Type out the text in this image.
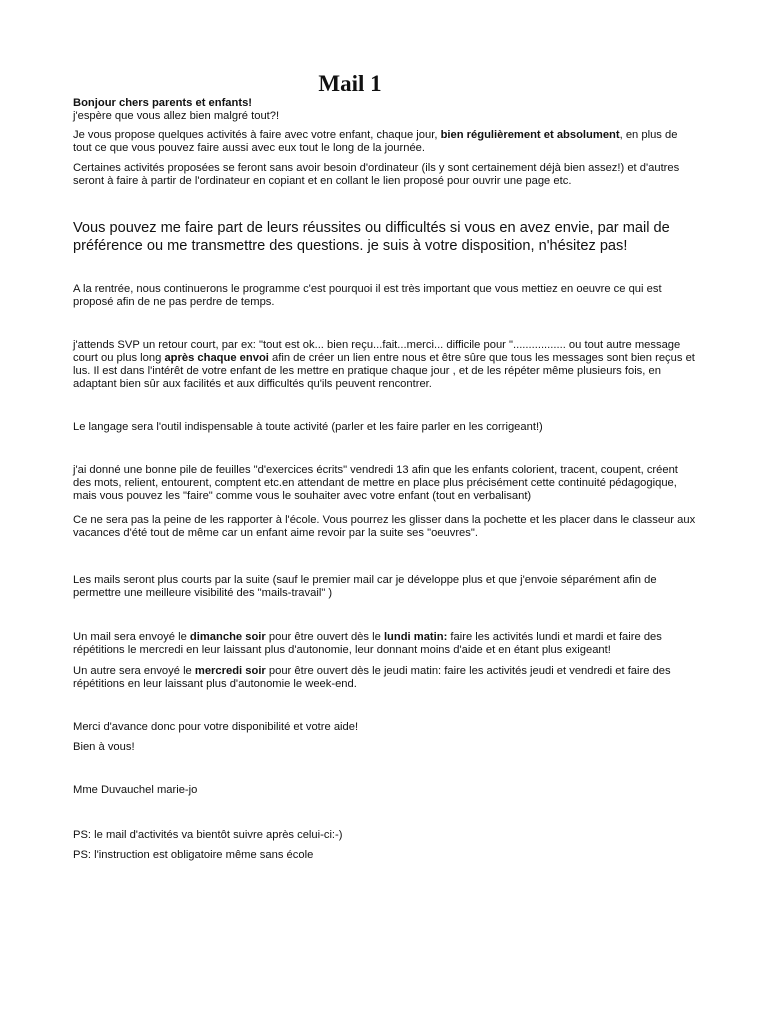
Mail 1

Bonjour chers parents et enfants!
j'espère que vous allez bien malgré tout?!

Je vous propose quelques activités à faire avec votre enfant, chaque jour, bien régulièrement et absolument, en plus de tout ce que vous pouvez faire aussi avec eux tout le long de la journée.

Certaines activités proposées se feront sans avoir besoin d'ordinateur (ils y sont certainement déjà bien assez!) et d'autres seront à faire à partir de l'ordinateur en copiant et en collant le lien proposé pour ouvrir une page etc.

Vous pouvez me faire part de leurs réussites ou difficultés si vous en avez envie, par mail de préférence ou me transmettre des questions. je suis à votre disposition, n'hésitez pas!

A la rentrée, nous continuerons le programme c'est pourquoi il est très important que vous mettiez en oeuvre ce qui est proposé afin de ne pas perdre de temps.

j'attends SVP un retour court, par ex: "tout est ok... bien reçu...fait...merci... difficile pour "................. ou tout autre message court ou plus long après chaque envoi afin de créer un lien entre nous et être sûre que tous les messages sont bien reçus et lus. Il est dans l'intérêt de votre enfant de les mettre en pratique chaque jour , et de les répéter même plusieurs fois, en adaptant bien sûr aux facilités et aux difficultés qu'ils peuvent rencontrer.

Le langage sera l'outil indispensable à toute activité (parler et les faire parler en les corrigeant!)

j'ai donné une bonne pile de feuilles "d'exercices écrits" vendredi 13 afin que les enfants colorient, tracent, coupent, créent des mots, relient, entourent, comptent etc.en attendant de mettre en place plus précisément cette continuité pédagogique, mais vous pouvez les "faire" comme vous le souhaiter avec votre enfant (tout en verbalisant)

Ce ne sera pas la peine de les rapporter à l'école. Vous pourrez les glisser dans la pochette et les placer dans le classeur aux vacances d'été tout de même car un enfant aime revoir par la suite ses "oeuvres".

Les mails seront plus courts par la suite (sauf le premier mail car je développe plus et que j'envoie séparément afin de permettre une meilleure visibilité des "mails-travail" )

Un mail sera envoyé le dimanche soir pour être ouvert dès le lundi matin: faire les activités lundi et mardi et faire des répétitions le mercredi en leur laissant plus d'autonomie, leur donnant moins d'aide et en étant plus exigeant!

Un autre sera envoyé le mercredi soir pour être ouvert dès le jeudi matin: faire les activités jeudi et vendredi et faire des répétitions en leur laissant plus d'autonomie le week-end.

Merci d'avance donc pour votre disponibilité et votre aide!

Bien à vous!

Mme Duvauchel marie-jo

PS: le mail d'activités va bientôt suivre après celui-ci:-)

PS: l'instruction est obligatoire même sans école
